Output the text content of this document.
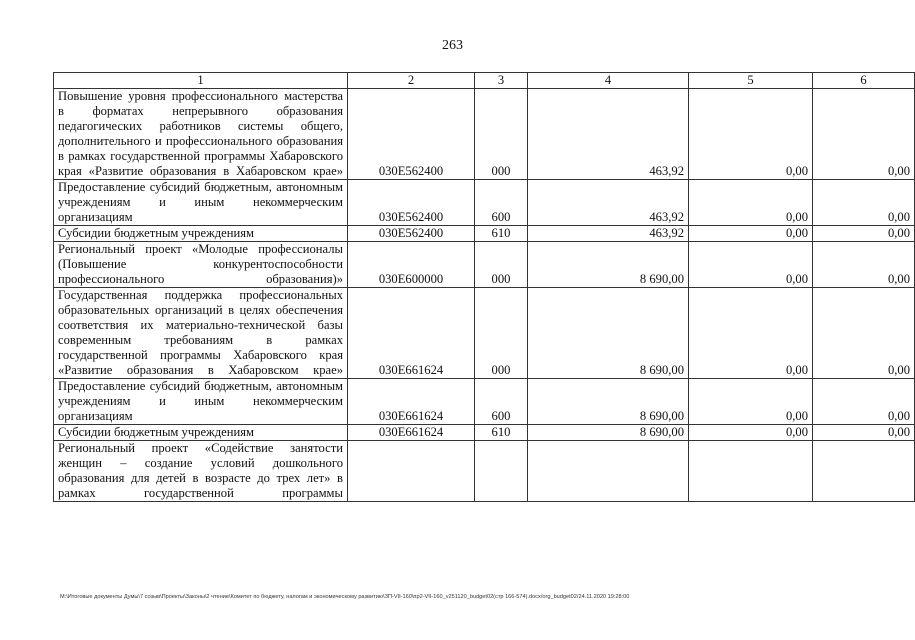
263
1	2	3	4	5	6
Повышение уровня профессионального мастерства в форматах непрерывного образования педагогических работников системы общего, дополнительного и профессионального образования в рамках государственной программы Хабаровского края «Развитие образования в Хабаровском крае»	030E562400	000	463,92	0,00	0,00
Предоставление субсидий бюджетным, автономным учреждениям и иным некоммерческим организациям	030E562400	600	463,92	0,00	0,00
Субсидии бюджетным учреждениям	030E562400	610	463,92	0,00	0,00
Региональный проект «Молодые профессионалы (Повышение конкурентоспособности профессионального образования)»	030E600000	000	8 690,00	0,00	0,00
Государственная поддержка профессиональных образовательных организаций в целях обеспечения соответствия их материально-технической базы современным требованиям в рамках государственной программы Хабаровского края «Развитие образования в Хабаровском крае»	030E661624	000	8 690,00	0,00	0,00
Предоставление субсидий бюджетным, автономным учреждениям и иным некоммерческим организациям	030E661624	600	8 690,00	0,00	0,00
Субсидии бюджетным учреждениям	030E661624	610	8 690,00	0,00	0,00
Региональный проект «Содействие занятости женщин – создание условий дошкольного образования для детей в возрасте до трех лет» в рамках государственной программы					
M:\Итоговые документы Думы\7 созыв\Проекты\Законы\2 чтение\Комитет по бюджету, налогам и экономическому развитию\ЗП-VII-160\пр2-VII-160_v251120_budget02(стр 166-574).docx/org_budget02/24.11.2020 19:28:00
